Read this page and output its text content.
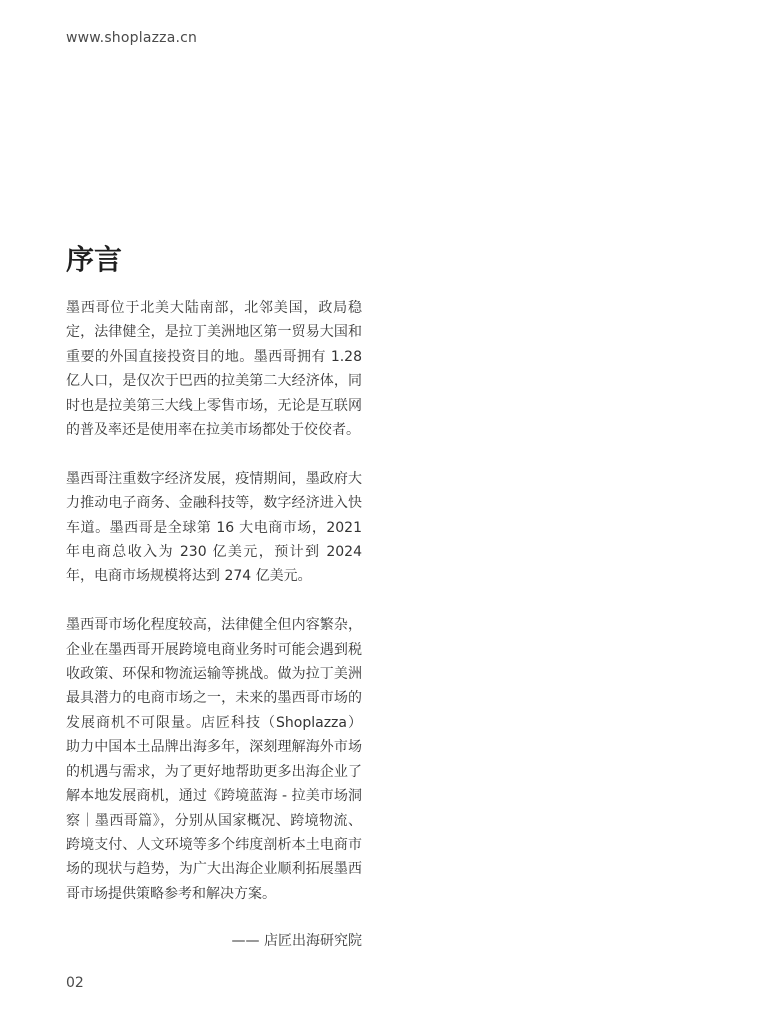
www.shoplazza.cn
序言

墨西哥位于北美大陆南部，北邻美国，政局稳定，法律健全，是拉丁美洲地区第一贸易大国和重要的外国直接投资目的地。墨西哥拥有 1.28 亿人口，是仅次于巴西的拉美第二大经济体，同时也是拉美第三大线上零售市场，无论是互联网的普及率还是使用率在拉美市场都处于佼佼者。

墨西哥注重数字经济发展，疫情期间，墨政府大力推动电子商务、金融科技等，数字经济进入快车道。墨西哥是全球第 16 大电商市场，2021 年电商总收入为 230 亿美元，预计到 2024 年，电商市场规模将达到 274 亿美元。

墨西哥市场化程度较高，法律健全但内容繁杂，企业在墨西哥开展跨境电商业务时可能会遇到税收政策、环保和物流运输等挑战。做为拉丁美洲最具潜力的电商市场之一，未来的墨西哥市场的发展商机不可限量。店匠科技（Shoplazza） 助力中国本土品牌出海多年，深刻理解海外市场的机遇与需求，为了更好地帮助更多出海企业了解本地发展商机，通过《跨境蓝海 - 拉美市场洞察｜墨西哥篇》，分别从国家概况、跨境物流、跨境支付、人文环境等多个纬度剖析本土电商市场的现状与趋势，为广大出海企业顺利拓展墨西哥市场提供策略参考和解决方案。

—— 店匠出海研究院
02
